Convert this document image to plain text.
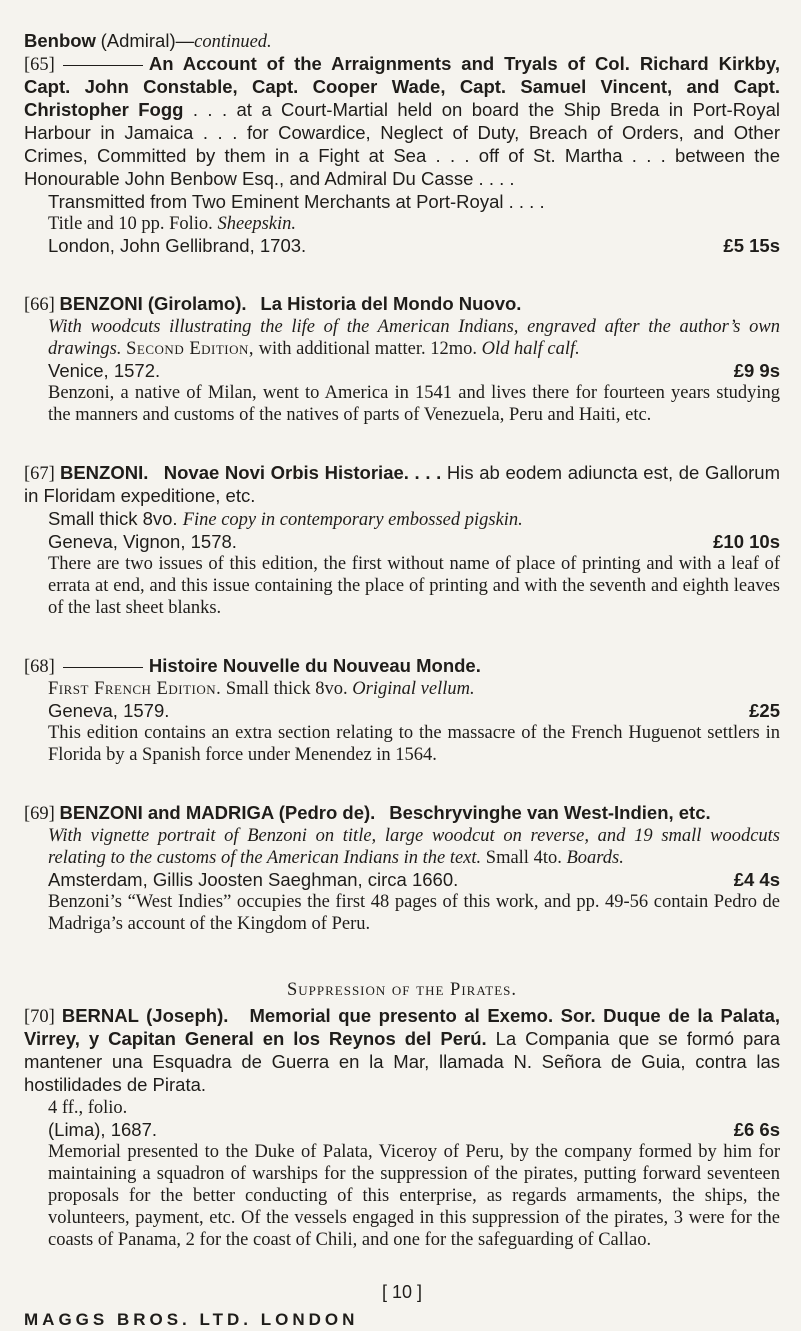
Benbow (Admiral)—continued.
[65]	An Account of the Arraignments and Tryals of Col. Richard Kirkby, Capt. John Constable, Capt. Cooper Wade, Capt. Samuel Vincent, and Capt. Christopher Fogg . . . at a Court-Martial held on board the Ship Breda in Port-Royal Harbour in Jamaica . . . for Cowardice, Neglect of Duty, Breach of Orders, and Other Crimes, Committed by them in a Fight at Sea . . . off of St. Martha . . . between the Honourable John Benbow Esq., and Admiral Du Casse . . . .
Transmitted from Two Eminent Merchants at Port-Royal . . . .
Title and 10 pp. Folio. Sheepskin.
London, John Gellibrand, 1703.	£5 15s
[66] BENZONI (Girolamo). La Historia del Mondo Nuovo.
With woodcuts illustrating the life of the American Indians, engraved after the author’s own drawings. Second Edition, with additional matter. 12mo. Old half calf.
Venice, 1572.	£9 9s
Benzoni, a native of Milan, went to America in 1541 and lives there for fourteen years studying the manners and customs of the natives of parts of Venezuela, Peru and Haiti, etc.
[67] BENZONI. Novae Novi Orbis Historiae. . . . His ab eodem adiuncta est, de Gallorum in Floridam expeditione, etc.
Small thick 8vo. Fine copy in contemporary embossed pigskin.
Geneva, Vignon, 1578.	£10 10s
There are two issues of this edition, the first without name of place of printing and with a leaf of errata at end, and this issue containing the place of printing and with the seventh and eighth leaves of the last sheet blanks.
[68]	Histoire Nouvelle du Nouveau Monde.
First French Edition. Small thick 8vo. Original vellum.
Geneva, 1579.	£25
This edition contains an extra section relating to the massacre of the French Huguenot settlers in Florida by a Spanish force under Menendez in 1564.
[69] BENZONI and MADRIGA (Pedro de). Beschryvinghe van West-Indien, etc.
With vignette portrait of Benzoni on title, large woodcut on reverse, and 19 small woodcuts relating to the customs of the American Indians in the text. Small 4to. Boards.
Amsterdam, Gillis Joosten Saeghman, circa 1660.	£4 4s
Benzoni’s “West Indies” occupies the first 48 pages of this work, and pp. 49-56 contain Pedro de Madriga’s account of the Kingdom of Peru.
Suppression of the Pirates.
[70] BERNAL (Joseph). Memorial que presento al Exemo. Sor. Duque de la Palata, Virrey, y Capitan General en los Reynos del Perú. La Compania que se formó para mantener una Esquadra de Guerra en la Mar, llamada N. Señora de Guia, contra las hostilidades de Pirata.
4 ff., folio.
(Lima), 1687.	£6 6s
Memorial presented to the Duke of Palata, Viceroy of Peru, by the company formed by him for maintaining a squadron of warships for the suppression of the pirates, putting forward seventeen proposals for the better conducting of this enterprise, as regards armaments, the ships, the volunteers, payment, etc. Of the vessels engaged in this suppression of the pirates, 3 were for the coasts of Panama, 2 for the coast of Chili, and one for the safeguarding of Callao.
[ 10 ]
MAGGS BROS. LTD. LONDON
